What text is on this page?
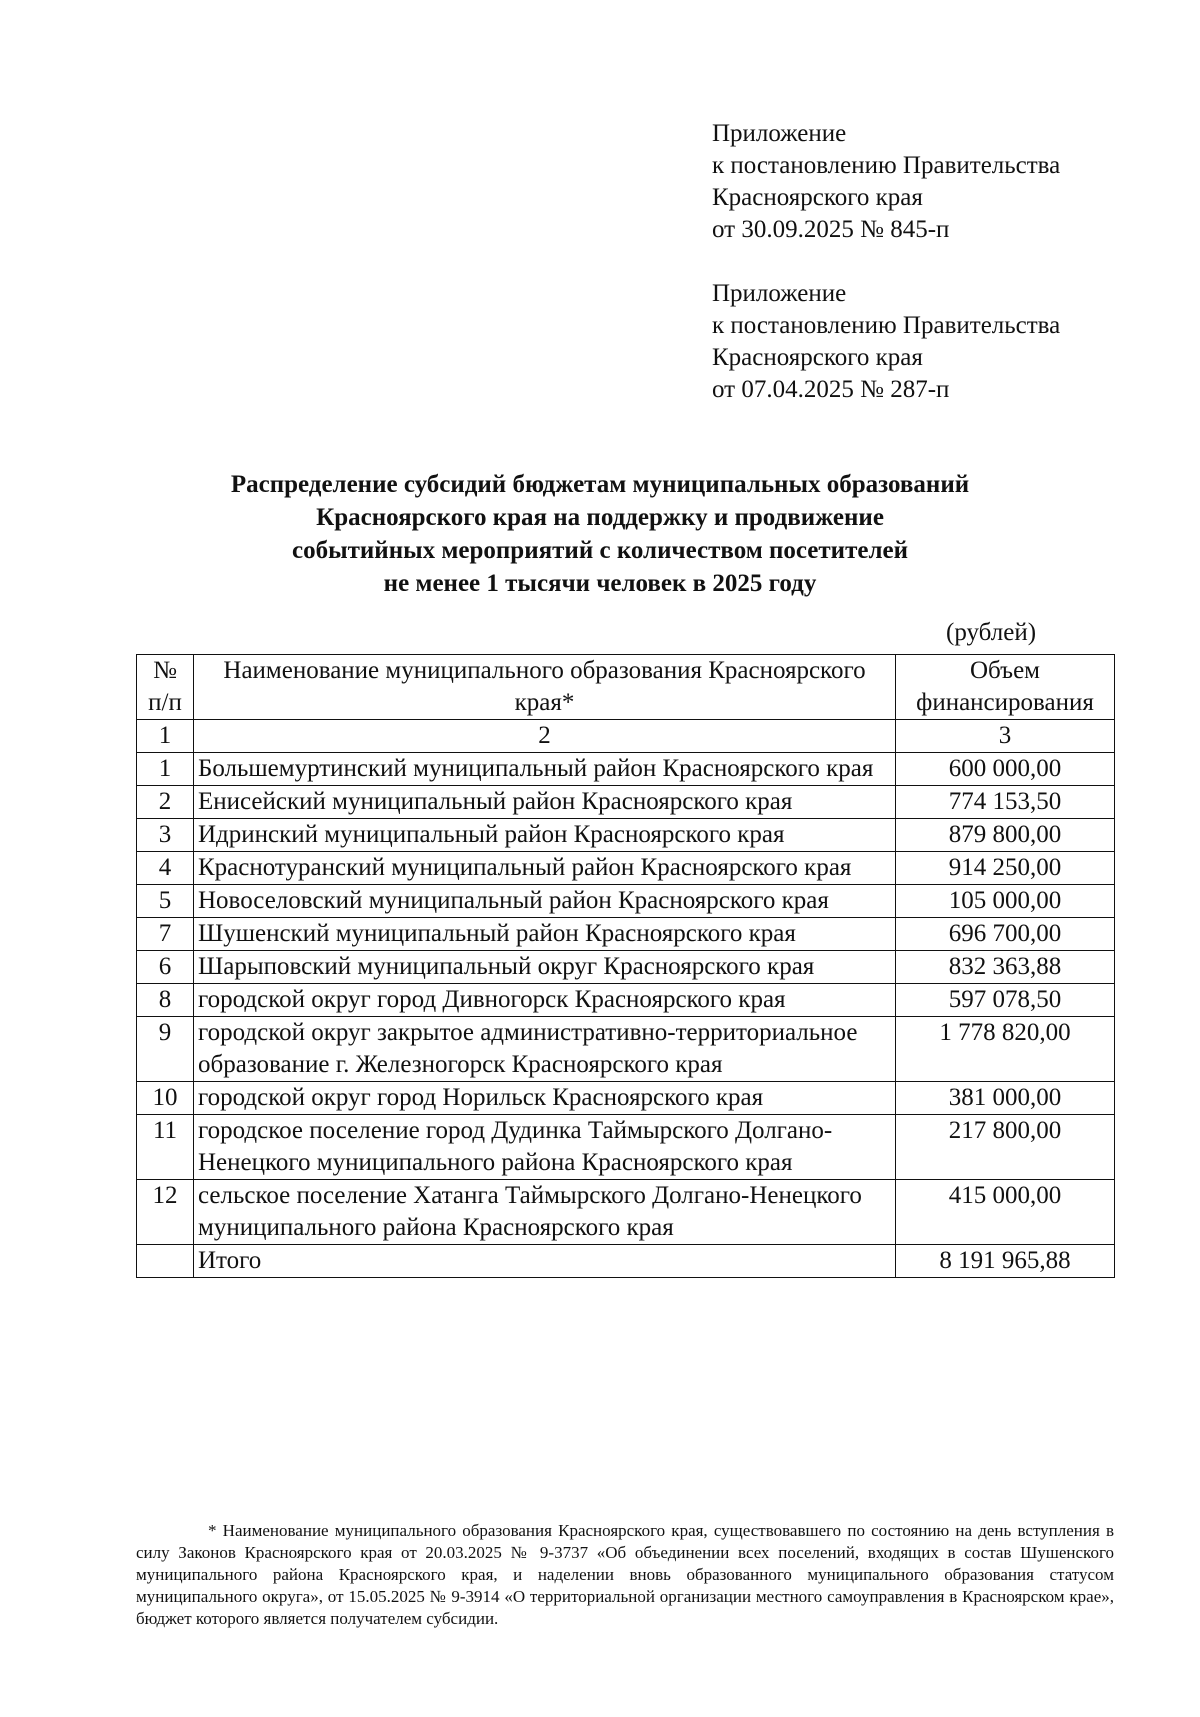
Приложение
к постановлению Правительства
Красноярского края
от 30.09.2025 № 845-п
Приложение
к постановлению Правительства
Красноярского края
от 07.04.2025 № 287-п
Распределение субсидий бюджетам муниципальных образований
Красноярского края на поддержку и продвижение
событийных мероприятий с количеством посетителей
не менее 1 тысячи человек в 2025 году
(рублей)
№ п/п	Наименование муниципального образования Красноярского края*	Объем финансирования
1	2	3
1	Большемуртинский муниципальный район Красноярского края	600 000,00
2	Енисейский муниципальный район Красноярского края	774 153,50
3	Идринский муниципальный район Красноярского края	879 800,00
4	Краснотуранский муниципальный район Красноярского края	914 250,00
5	Новоселовский муниципальный район Красноярского края	105 000,00
7	Шушенский муниципальный район Красноярского края	696 700,00
6	Шарыповский муниципальный округ Красноярского края	832 363,88
8	городской округ город Дивногорск Красноярского края	597 078,50
9	городской округ закрытое административно-территориальное образование г. Железногорск Красноярского края	1 778 820,00
10	городской округ город Норильск Красноярского края	381 000,00
11	городское поселение город Дудинка Таймырского Долгано-Ненецкого муниципального района Красноярского края	217 800,00
12	сельское поселение Хатанга Таймырского Долгано-Ненецкого муниципального района Красноярского края	415 000,00
	Итого	8 191 965,88
* Наименование муниципального образования Красноярского края, существовавшего по состоянию на день вступления в силу Законов Красноярского края от 20.03.2025 № 9-3737 «Об объединении всех поселений, входящих в состав Шушенского муниципального района Красноярского края, и наделении вновь образованного муниципального образования статусом муниципального округа», от 15.05.2025 № 9-3914 «О территориальной организации местного самоуправления в Красноярском крае», бюджет которого является получателем субсидии.
